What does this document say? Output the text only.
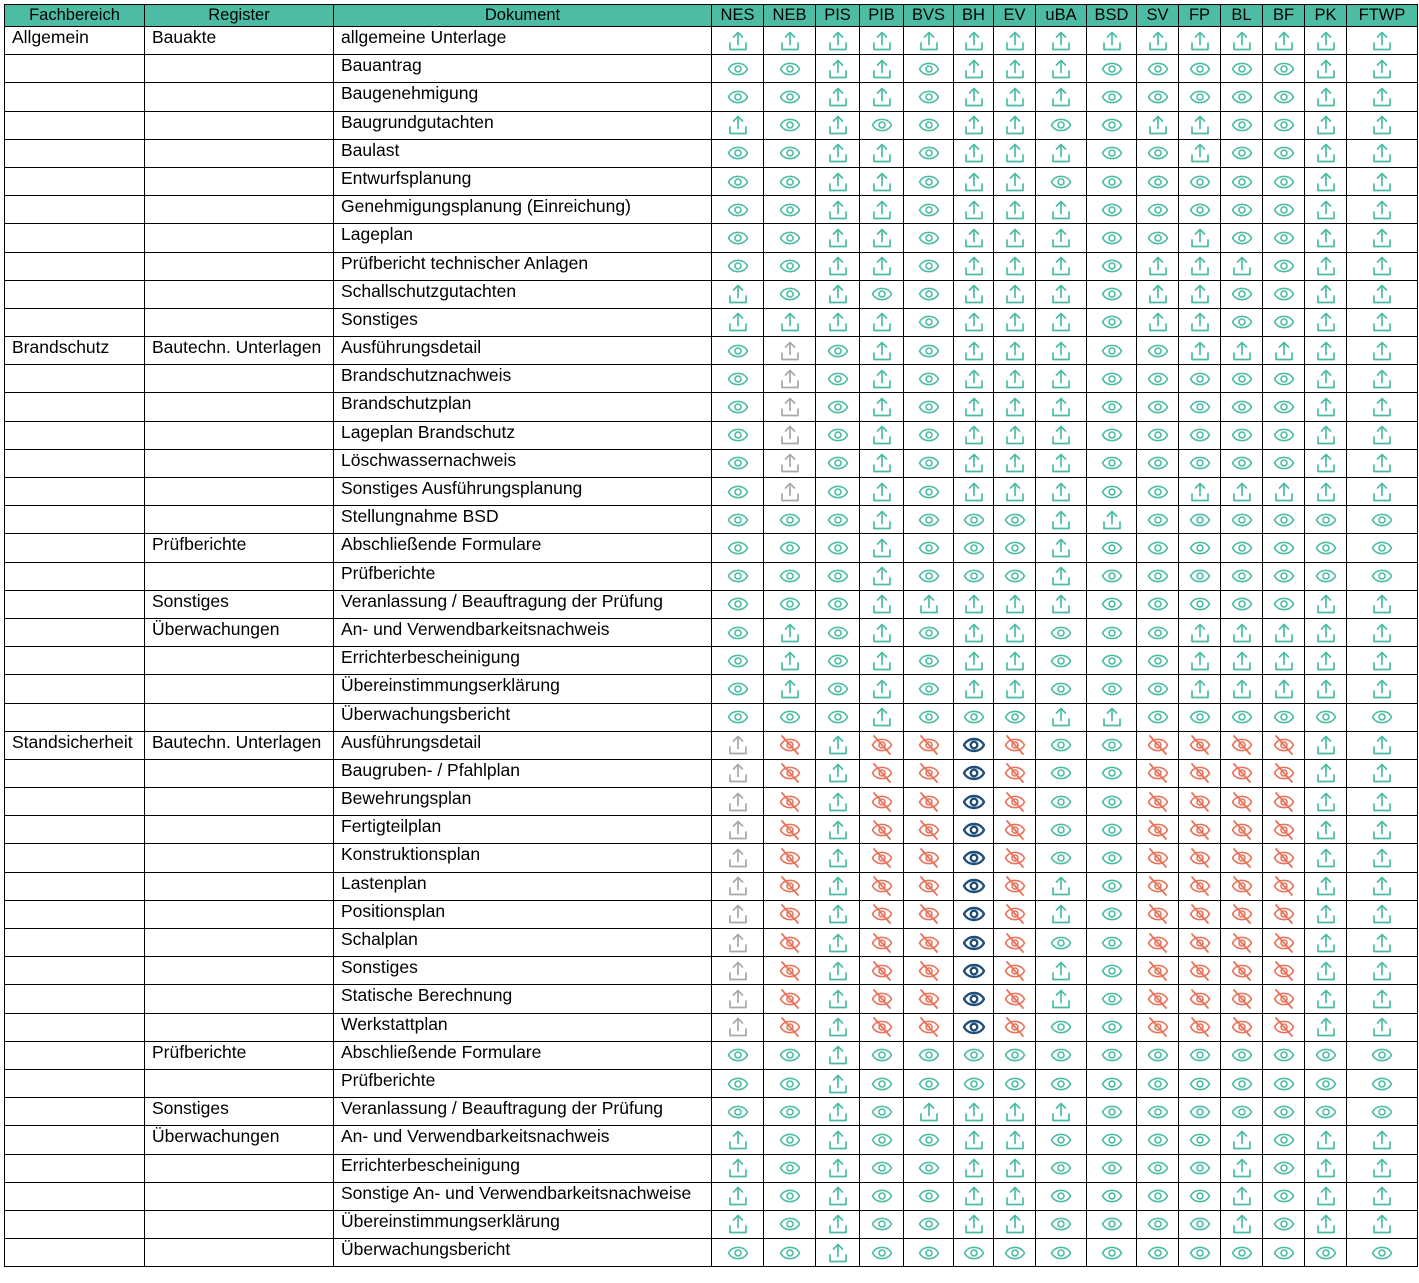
Fachbereich	Register	Dokument	NES	NEB	PIS	PIB	BVS	BH	EV	uBA	BSD	SV	FP	BL	BF	PK	FTWP
Allgemein	Bauakte	allgemeine Unterlage															
		Bauantrag															
		Baugenehmigung															
		Baugrundgutachten															
		Baulast															
		Entwurfsplanung															
		Genehmigungsplanung (Einreichung)															
		Lageplan															
		Prüfbericht technischer Anlagen															
		Schallschutzgutachten															
		Sonstiges															
Brandschutz	Bautechn. Unterlagen	Ausführungsdetail															
		Brandschutznachweis															
		Brandschutzplan															
		Lageplan Brandschutz															
		Löschwassernachweis															
		Sonstiges Ausführungsplanung															
		Stellungnahme BSD															
	Prüfberichte	Abschließende Formulare															
		Prüfberichte															
	Sonstiges	Veranlassung / Beauftragung der Prüfung															
	Überwachungen	An- und Verwendbarkeitsnachweis															
		Errichterbescheinigung															
		Übereinstimmungserklärung															
		Überwachungsbericht															
Standsicherheit	Bautechn. Unterlagen	Ausführungsdetail															
		Baugruben- / Pfahlplan															
		Bewehrungsplan															
		Fertigteilplan															
		Konstruktionsplan															
		Lastenplan															
		Positionsplan															
		Schalplan															
		Sonstiges															
		Statische Berechnung															
		Werkstattplan															
	Prüfberichte	Abschließende Formulare															
		Prüfberichte															
	Sonstiges	Veranlassung / Beauftragung der Prüfung															
	Überwachungen	An- und Verwendbarkeitsnachweis															
		Errichterbescheinigung															
		Sonstige An- und Verwendbarkeitsnachweise															
		Übereinstimmungserklärung															
		Überwachungsbericht															
